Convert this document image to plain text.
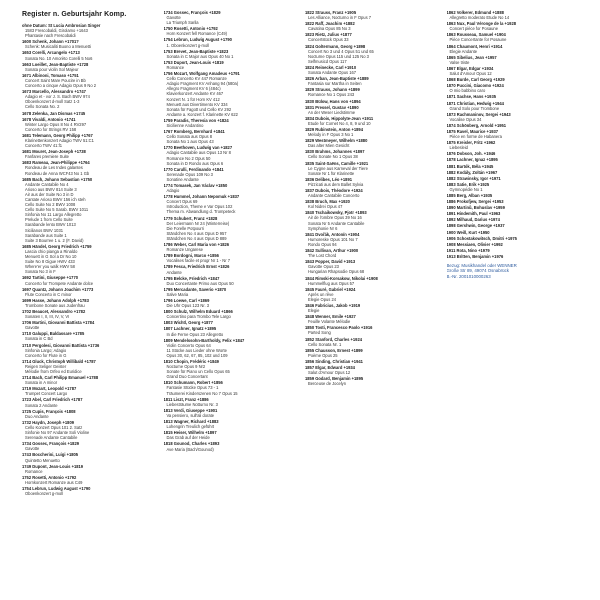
Register n. Geburtsjahr Komp.
ohne Datum: St Lucia Ambrosian Singer
1583 Frescobaldi, Girolamo +1643
Phantasie nach Frescobaldi
1600 Schenk, Johann +1701?
Schenk: Musicaliti Buono a Menuetti
1653 Corelli, Arcangelo +1713
Sonata No. 10 Amorèto Corelli 5 No6
1663 Loeillet, Jean-Baptiste +1728
Sonata pour violin Sol Majeur
1671 Albinoni, Tomaso +1751
Concert Saint Mare Poucire in Bb
Concerto a cinque Adagio Opus 9 No 2
1673 Marcello, Alessandro +1747
Adagio et - vor J. S. Bach BWV 974
Oboenkonzert d-moll Satz 1-3
Cello Sonata No. 2
1678 Zelenka, Jan Dismas +1745
1678 Vivaldi, Antonio +1741
Winter Largo Opus 8 No 4 RV297
Concerto for Strings RV 158
1681 Telemann, Georg Philipp +1767
Klarinettenkonzert Adagio TWV 51:C1
Concerto TWV 41:f1
1681 Mouret, Jean-Joseph +1738
Fanfares premiere Suite
1683 Rameau, Jean-Philippe +1764
Rondeau de Les Indes galantes
Rondeau de Anna WCF43 No 1 Gb
1685 Bach, Johann Sebastian +1750
Andante Cantabile No 4
Arioso aus BWV 814 Suite 3
Air aus der Suite No 3 in D
Cantate Arioso BWV 156 ich steh
Cello Suite No 2 BWV 1008
Cello Suite No 5 Sarab. BWV 1011
Sinfonia No 11 Largo Allegretto
Prelude 1 from Cello Suite
Sarabande lento BWV 1013
Sicilianos BWV 1031
Sarabande aus Suite 1
Suite 3 Bourree 1 u. 2 (F. David)
1685 Händel, Georg Friedrich +1759
Lascia chio pianga a Rinaldo
Menuett in G Sol a Dr No 10
Suite No 8 Gigue HWV 433
Where'er you walk HWV 58
Sonata No 3 in F
1692 Tartini, Giuseppe +1770
Concerto for Trompete Andante dolce
1697 Quantz, Johann Joachim +1773
Flute Concerto in C minor
1699 Hasse, Johann Adolph +1783
Trombone Sonate aus Judenfrau
1702 Beaucet, Alessandro +1782
Sonaten I, II, III, IV, V, VI
1706 Martini, Giovanni Battista +1784
Gavotte
1710 Galuppi, Baldassare +1785
Sonata in C Bd
1710 Pergolesi, Giovanni Battista +1736
Sinfonia Largo; Adagio
Concerto for Flute in G
1714 Gluck, Christoph Willibald +1787
Reigen Seliger Geister
Mélodie from Orfeo ed Euridice
1714 Bach, Carl Philipp Emanuel +1788
Sonata in A minor
1719 Mozart, Leopold +1787
Trumpet Concert Largo
1723 Abel, Carl Friedrich +1787
Sonata 2 Andante
1725 Cupis, François +1808
Duo Andante
1732 Haydn, Joseph +1809
Cello Konzert Opus 101 2. Satz
Sinfonie No 97 Andante Soli Violine
Serenade Andante Cantabile
1734 Gossec, François +1829
Gavotte
1743 Boccherini, Luigi +1805
Quintetto Menuetto
1749 Dupont, Jean-Louis +1819
Romance
1752 Rosetti, Antonio +1792
Hornkonzert Romanze aus C49
1754 Lebrun, Ludwig August +1790
Oboenkonzert g-moll
1734 Gossec, François +1829
Gavotte
La Triumph Sarila
1750 Rosetti, Antonio +1792
Horn Konzert fell Romance (C49)
1754 Lebrun, Ludwig August +1790
1. Oboenkonzert g-moll
1753 Brevet, Jean-Baptiste +1823
Sonata in C Major aus Opus 40 No 1
1753 Duport, Jean-Louis +1819
Romance
1756 Mozart, Wolfgang Amadeus +1791
Cello Concerto KV 447 Romanze
Adagio Fragment KV Anhang 94 (580a)
Allegro Fragment KV 6 (484c)
Klavierkonzert Andante KV 467
Konzert N. 1 für Horn KV 412
Menuett aus Divertimento KV 334
Sonata für Fagott und Cello KV 292
Andante a. Konzert f. Klarinette KV 622
1759 Paradis, Theresia von +1824
Sicilienne Andantino
1767 Romberg, Bernhard +1841
Cello Sonata aus Opus 8
Sonata No 1 aus Opus 43
1770 Beethoven, Ludwig van +1827
Adagio Cantabile aus Opus 13 Nr 8
Romance No 2 Opus 50
Sonata in D Rondo aus Opus 6
1770 Carulli, Ferdinando +1841
Serenade Opus 109 No 3
Sonatine Andante
1774 Tomasek, Jan Václav +1850
Adagio
1778 Hummel, Johann Nepomuk +1837
Concert Opus 69
Introduction, Theme e Var Opus 102
Thema m. Abwandlung d. Trompeteck
1779 Schubert, Franz +1828
Der Leiermann Nr 24 (Winterreise)
Die Forelle Potpourri
Ständchen No 4 aus Opus D 957
Ständchen No 4 aus Opus D 889
1786 Weber, Carl Maria von +1826
Romanze Ungarese
1789 Bordogni, Marco +1856
Vocalises facile et progr Nr 1 - Nr 7
1789 Fesca, Friedrich Ernst +1826
Andante
1795 Belcke, Friedrich +1847
Duo Concertante Primo aus Opus 50
1795 Mercadante, Saverio +1870
Salve Maria
1796 Loewe, Carl +1869
Die Uhr Opus 123 Nr. 3
1800 Schulz, Wilhelm Eduard +1866
Concertino para Trombo Tele Largo
1803 Wichtl, Georg +1877
1807 Lachner, Ignatz +1895
In die Ferne Opus 23 Allegretto
1809 Mendelssohn-Bartholdy, Felix +1847
Violin Concerto Opus 64
11 Stücke aus Lieder ohne Worte
Opus 30, 62, 67, 85, 102 und 109
1810 Chopin, Frédéric +1849
Nocturne Opus 9 Nr2
Sonate für Piano un Cello Opus 65
Grand Duo Concertant
1810 Schumann, Robert +1856
Fantasie Stücke Opus 73 - 1
Träumerei Kinderszenen No 7 Opus 15
1811 Liszt, Franz +1886
Liebesträume Notturno Nr. 3
1813 Verdi, Giuseppe +1901
Va pensiero, sull'ali dorate
1813 Wagner, Richard +1883
Lohengrin Treulich geführt
1815 Heiser, Wilhelm +1897
Das Grab auf der Heide
1818 Gounod, Charles +1893
Ave Maria (Bach/Gounod)
1822 Strauss, Franz +1905
Les Alliance, Nocturno in F Opus 7
1822 Raff, Joachim +1882
Cavatina Opus 85 No 3
1823 Rietz, Julius +1877
Concertstück Opus 33
1824 Goltermann, Georg +1898
Concert No 3 und 4 Opus 51 und 65
Nocturne Opus 115 und 125 No 3
Selfmusicd Opus 117
1824 Reinecke, Carl +1910
Sonata Andante Opus 167
1826 Arban, Jean-Baptiste +1889
Fantasia sur Martha in Seiten
1829 Strauss, Johann +1899
Romance No 1 Opus 243
1830 Bülow, Hans von +1894
1831 Pressel, Gustav +1890
An der Weser Liedstimme
1834 Dubois, Hippolyte-Jean +1911
Etude for Cornet No 4, 8, 9 und 10
1829 Rubinstein, Anton +1894
Melody in F Opus 3 No 1
1829 Westmeyer, Wilhelm +1880
Das alter Mien Gesicht
1830 Brahms, Johannes +1897
Cello Sonate No 1 Opus 38
1835 Saint-Saëns, Camille +1921
Le Cygne aus Karneval der Tiere
Sonate Nr 1 für Klarinette
1836 Delibes, Léo +1891
Pizzicati aus dem Ballet Sylvia
1837 Dubois, Théodore +1924
Andante Cantabile Concerto
1838 Bruch, Max +1920
Kol Nidrei Opus 47
1840 Tschaikowsky, Pjotr +1893
Air de l'ombre Opus 39 No 16
Sonata Nr 5 Andante Cantabile
Symphonie Nr 6
1841 Dvořák, Antonín +1904
Humoreske Opus 101 No 7
Rondo Opus 94
1842 Sullivan, Arthur +1900
The Lost Chord
1843 Popper, David +1913
Gavotte Opus 23
Hungarian Rhapsodie Opus 68
1844 Rimski-Korsakow, Nikolai +1908
Hummelflug aus Opus 57
1845 Fauré, Gabriel +1924
Après un rêve
Elegie Opus 24
1846 Fabricius, Jakob +1919
Elegie
1848 Wenner, Emile +1927
Feuille Volante Mélodie
1850 Tosti, Francesco Paolo +1916
Parted Song
1852 Stanford, Charles +1924
Cello Sonata Nr. 1
1855 Chausson, Ernest +1899
Poème Opus 25
1856 Sinding, Christian +1941
1857 Elgar, Edward +1934
Salut d'Amour Opus 12
1859 Godard, Benjamin +1895
Berceuse de Jocelyn
1862 Volkerer, Edmund +1888
Allegretto moderato Etude No 14
1863 Nux, Paul Véronge de la +1928
Concert pièce for Posaune
1863 Rousseau, Samuel +1904
Pièce Concertante for Posaune
1864 Chaumont, Henri +1914
Elegie Andante
1865 Sibelius, Jean +1957
Valse triste
1867 Elgar, Edgar +1934
Salut d'Amour Opus 12
1868 Burde, Carl Georg +1929
1870 Puccini, Giacomo +1924
O mio babbino caro
1871 Sachse, Hans +1935
1871 Christian, Hedwig +1944
Grand Solo pour Trombone
1873 Rachmaninov, Sergei +1943
Vocalise Opus 34
1874 Schönberg, Arnold +1951
1875 Ravel, Maurice +1937
Pièce en forme de Habanera
1875 Kreisler, Fritz +1962
Liebesleid
1876 Dobson, Joh. +1946
1878 Lachner, Ignaz +1895
1881 Bartók, Béla +1945
1882 Kodály, Zoltán +1967
1882 Strawinsky, Igor +1971
1883 Satie, Erik +1925
Gymnopédie No 1
1885 Berg, Alban +1935
1886 Prokofjew, Sergei +1953
1890 Martinů, Bohuslav +1959
1891 Hindemith, Paul +1963
1892 Milhaud, Darius +1974
1898 Gershwin, George +1937
1900 Weill, Kurt +1950
1906 Schostakowitsch, Dmitri +1975
1908 Messiaen, Olivier +1992
1911 Rota, Nino +1979
1913 Britten, Benjamin +1976
Bezug: Musikhandel oder WENNER
Große Str 89, 49074 Osnabrück
B.-Nr. 2001010000263
